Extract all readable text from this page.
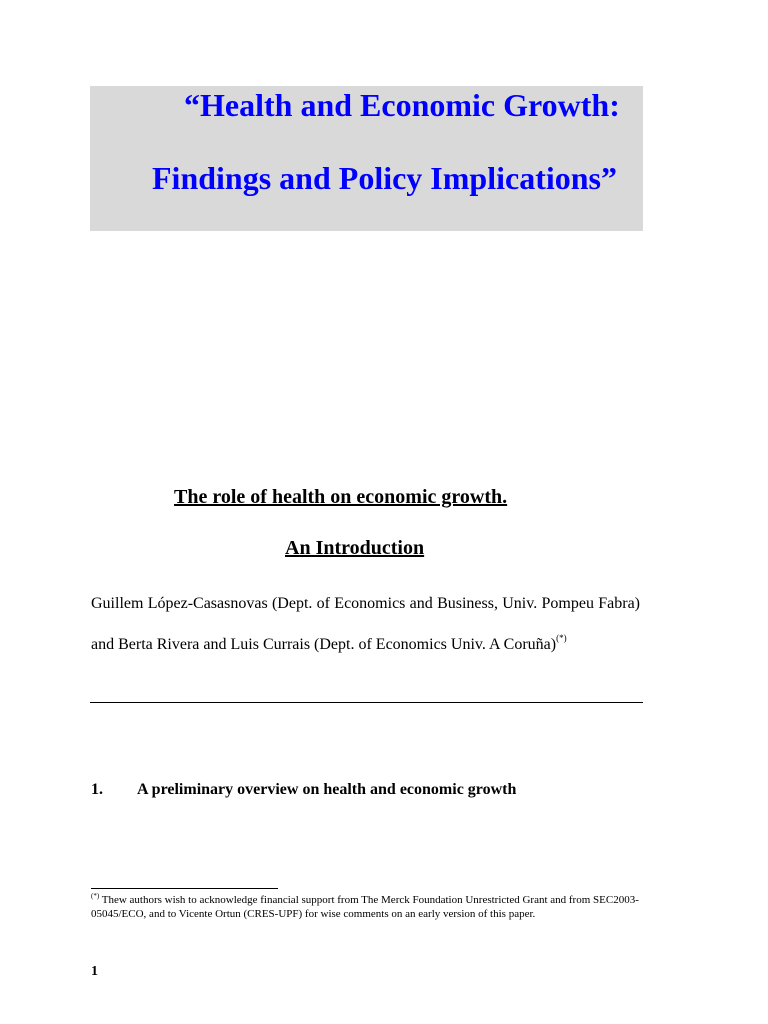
“Health and Economic Growth:
Findings and Policy Implications”
The role of health on economic growth.
An Introduction
Guillem López-Casasnovas (Dept. of Economics and Business, Univ. Pompeu Fabra) and Berta Rivera and Luis Currais (Dept. of Economics Univ. A Coruña)(*)
1. A preliminary overview on health and economic growth
(*) Thew authors wish to acknowledge financial support from The Merck Foundation Unrestricted Grant and from SEC2003-05045/ECO, and to Vicente Ortun (CRES-UPF) for wise comments on an early version of this paper.
1
